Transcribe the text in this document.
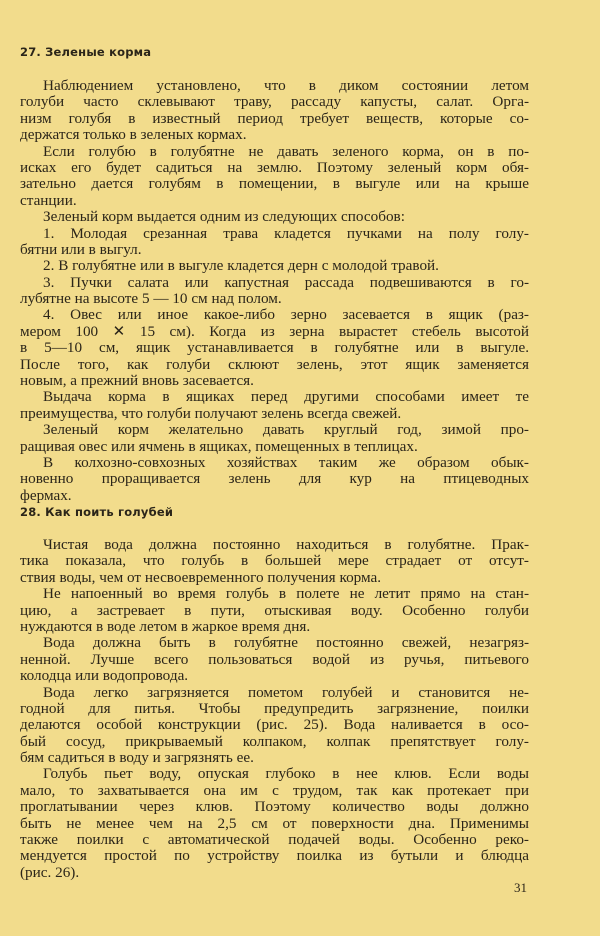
27. Зеленые корма
Наблюдением установлено, что в диком состоянии летом
голуби часто склевывают траву, рассаду капусты, салат. Орга-
низм голубя в известный период требует веществ, которые со-
держатся только в зеленых кормах.
Если голубю в голубятне не давать зеленого корма, он в по-
исках его будет садиться на землю. Поэтому зеленый корм обя-
зательно дается голубям в помещении, в выгуле или на крыше
станции.
Зеленый корм выдается одним из следующих способов:
1. Молодая срезанная трава кладется пучками на полу голу-
бятни или в выгул.
2. В голубятне или в выгуле кладется дерн с молодой травой.
3. Пучки салата или капустная рассада подвешиваются в го-
лубятне на высоте 5 — 10 см над полом.
4. Овес или иное какое-либо зерно засевается в ящик (раз-
мером 100 ✕ 15 см). Когда из зерна вырастет стебель высотой
в 5—10 см, ящик устанавливается в голубятне или в выгуле.
После того, как голуби склюют зелень, этот ящик заменяется
новым, а прежний вновь засевается.
Выдача корма в ящиках перед другими способами имеет те
преимущества, что голуби получают зелень всегда свежей.
Зеленый корм желательно давать круглый год, зимой про-
ращивая овес или ячмень в ящиках, помещенных в теплицах.
В колхозно-совхозных хозяйствах таким же образом обык-
новенно проращивается зелень для кур на птицеводных
фермах.
28. Как поить голубей
Чистая вода должна постоянно находиться в голубятне. Прак-
тика показала, что голубь в большей мере страдает от отсут-
ствия воды, чем от несвоевременного получения корма.
Не напоенный во время голубь в полете не летит прямо на стан-
цию, а застревает в пути, отыскивая воду. Особенно голуби
нуждаются в воде летом в жаркое время дня.
Вода должна быть в голубятне постоянно свежей, незагряз-
ненной. Лучше всего пользоваться водой из ручья, питьевого
колодца или водопровода.
Вода легко загрязняется пометом голубей и становится не-
годной для питья. Чтобы предупредить загрязнение, поилки
делаются особой конструкции (рис. 25). Вода наливается в осо-
бый сосуд, прикрываемый колпаком, колпак препятствует голу-
бям садиться в воду и загрязнять ее.
Голубь пьет воду, опуская глубоко в нее клюв. Если воды
мало, то захватывается она им с трудом, так как протекает при
проглатывании через клюв. Поэтому количество воды должно
быть не менее чем на 2,5 см от поверхности дна. Применимы
также поилки с автоматической подачей воды. Особенно реко-
мендуется простой по устройству поилка из бутыли и блюдца
(рис. 26).
31
